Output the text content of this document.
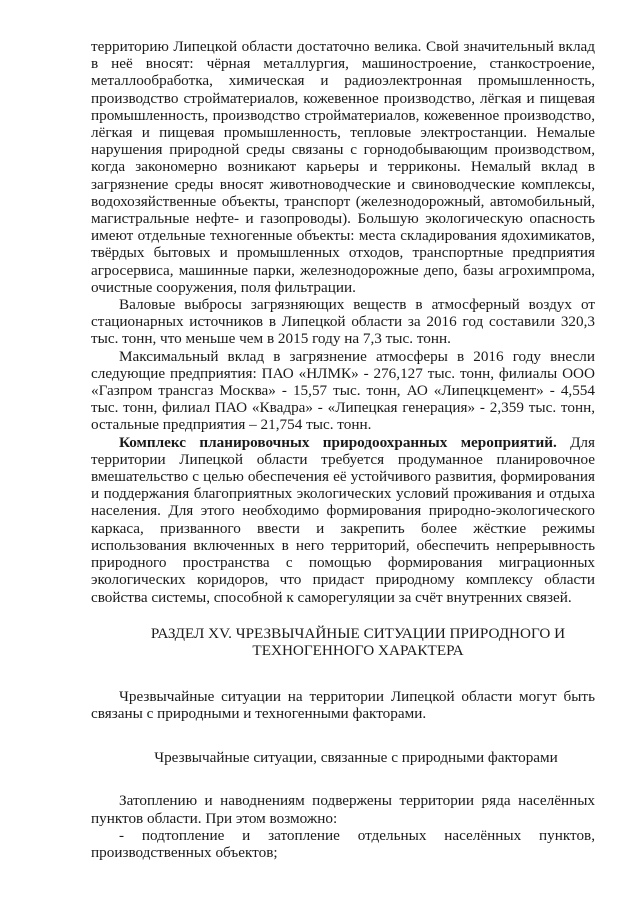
территорию Липецкой области достаточно велика. Свой значительный вклад в неё вносят: чёрная металлургия, машиностроение, станкостроение, металлообработка, химическая и радиоэлектронная промышленность, производство стройматериалов, кожевенное производство, лёгкая и пищевая промышленность, производство стройматериалов, кожевенное производство, лёгкая и пищевая промышленность, тепловые электростанции. Немалые нарушения природной среды связаны с горнодобывающим производством, когда закономерно возникают карьеры и терриконы. Немалый вклад в загрязнение среды вносят животноводческие и свиноводческие комплексы, водохозяйственные объекты, транспорт (железнодорожный, автомобильный, магистральные нефте- и газопроводы). Большую экологическую опасность имеют отдельные техногенные объекты: места складирования ядохимикатов, твёрдых бытовых и промышленных отходов, транспортные предприятия агросервиса, машинные парки, железнодорожные депо, базы агрохимпрома, очистные сооружения, поля фильтрации.

Валовые выбросы загрязняющих веществ в атмосферный воздух от стационарных источников в Липецкой области за 2016 год составили 320,3 тыс. тонн, что меньше чем в 2015 году на 7,3 тыс. тонн.

Максимальный вклад в загрязнение атмосферы в 2016 году внесли следующие предприятия: ПАО «НЛМК» - 276,127 тыс. тонн, филиалы ООО «Газпром трансгаз Москва» - 15,57 тыс. тонн, АО «Липецкцемент» - 4,554 тыс. тонн, филиал ПАО «Квадра» - «Липецкая генерация» - 2,359 тыс. тонн, остальные предприятия – 21,754 тыс. тонн.

Комплекс планировочных природоохранных мероприятий. Для территории Липецкой области требуется продуманное планировочное вмешательство с целью обеспечения её устойчивого развития, формирования и поддержания благоприятных экологических условий проживания и отдыха населения. Для этого необходимо формирования природно-экологического каркаса, призванного ввести и закрепить более жёсткие режимы использования включенных в него территорий, обеспечить непрерывность природного пространства с помощью формирования миграционных экологических коридоров, что придаст природному комплексу области свойства системы, способной к саморегуляции за счёт внутренних связей.

РАЗДЕЛ XV. ЧРЕЗВЫЧАЙНЫЕ СИТУАЦИИ ПРИРОДНОГО И
ТЕХНОГЕННОГО ХАРАКТЕРА

Чрезвычайные ситуации на территории Липецкой области могут быть связаны с природными и техногенными факторами.

Чрезвычайные ситуации, связанные с природными факторами

Затоплению и наводнениям подвержены территории ряда населённых пунктов области. При этом возможно:

- подтопление и затопление отдельных населённых пунктов, производственных объектов;
